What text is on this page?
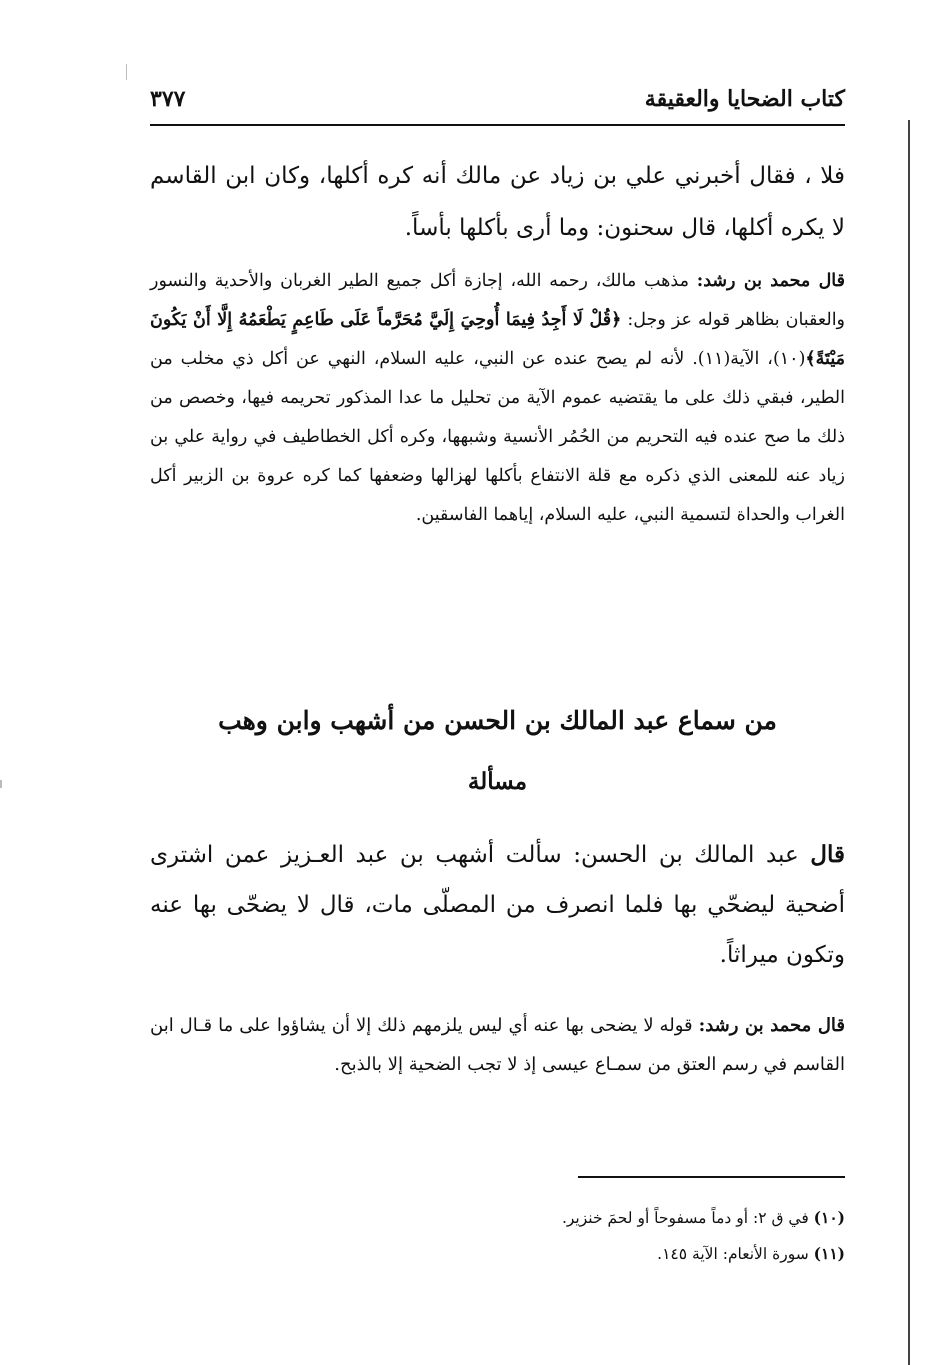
كتاب الضحايا والعقيقة
٣٧٧
فلا ، فقال أخبرني علي بن زياد عن مالك أنه كره أكلها، وكان ابن القاسم لا يكره أكلها، قال سحنون: وما أرى بأكلها بأساً.
قال محمد بن رشد: مذهب مالك، رحمه الله، إجازة أكل جميع الطير الغربان والأحدية والنسور والعقبان بظاهر قوله عز وجل: ﴿قُلْ لَا أَجِدُ فِيمَا أُوحِيَ إِلَيَّ مُحَرَّماً عَلَى طَاعِمٍ يَطْعَمُهُ إِلَّا أَنْ يَكُونَ مَيْتَةً﴾(١٠)، الآية(١١). لأنه لم يصح عنده عن النبي، عليه السلام، النهي عن أكل ذي مخلب من الطير، فبقي ذلك على ما يقتضيه عموم الآية من تحليل ما عدا المذكور تحريمه فيها، وخصص من ذلك ما صح عنده فيه التحريم من الحُمُر الأنسية وشبهها، وكره أكل الخطاطيف في رواية علي بن زياد عنه للمعنى الذي ذكره مع قلة الانتفاع بأكلها لهزالها وضعفها كما كره عروة بن الزبير أكل الغراب والحداة لتسمية النبي، عليه السلام، إياهما الفاسقين.
من سماع عبد المالك بن الحسن من أشهب وابن وهب
مسألة
قال عبد المالك بن الحسن: سألت أشهب بن عبد العـزيز عمن اشترى أضحية ليضحّي بها فلما انصرف من المصلّى مات، قال لا يضحّى بها عنه وتكون ميراثاً.
قال محمد بن رشد: قوله لا يضحى بها عنه أي ليس يلزمهم ذلك إلا أن يشاؤوا على ما قـال ابن القاسم في رسم العتق من سمـاع عيسى إذ لا تجب الضحية إلا بالذبح.
(١٠) في ق ٢: أو دماً مسفوحاً أو لحمَ خنزير.
(١١) سورة الأنعام: الآية ١٤٥.
